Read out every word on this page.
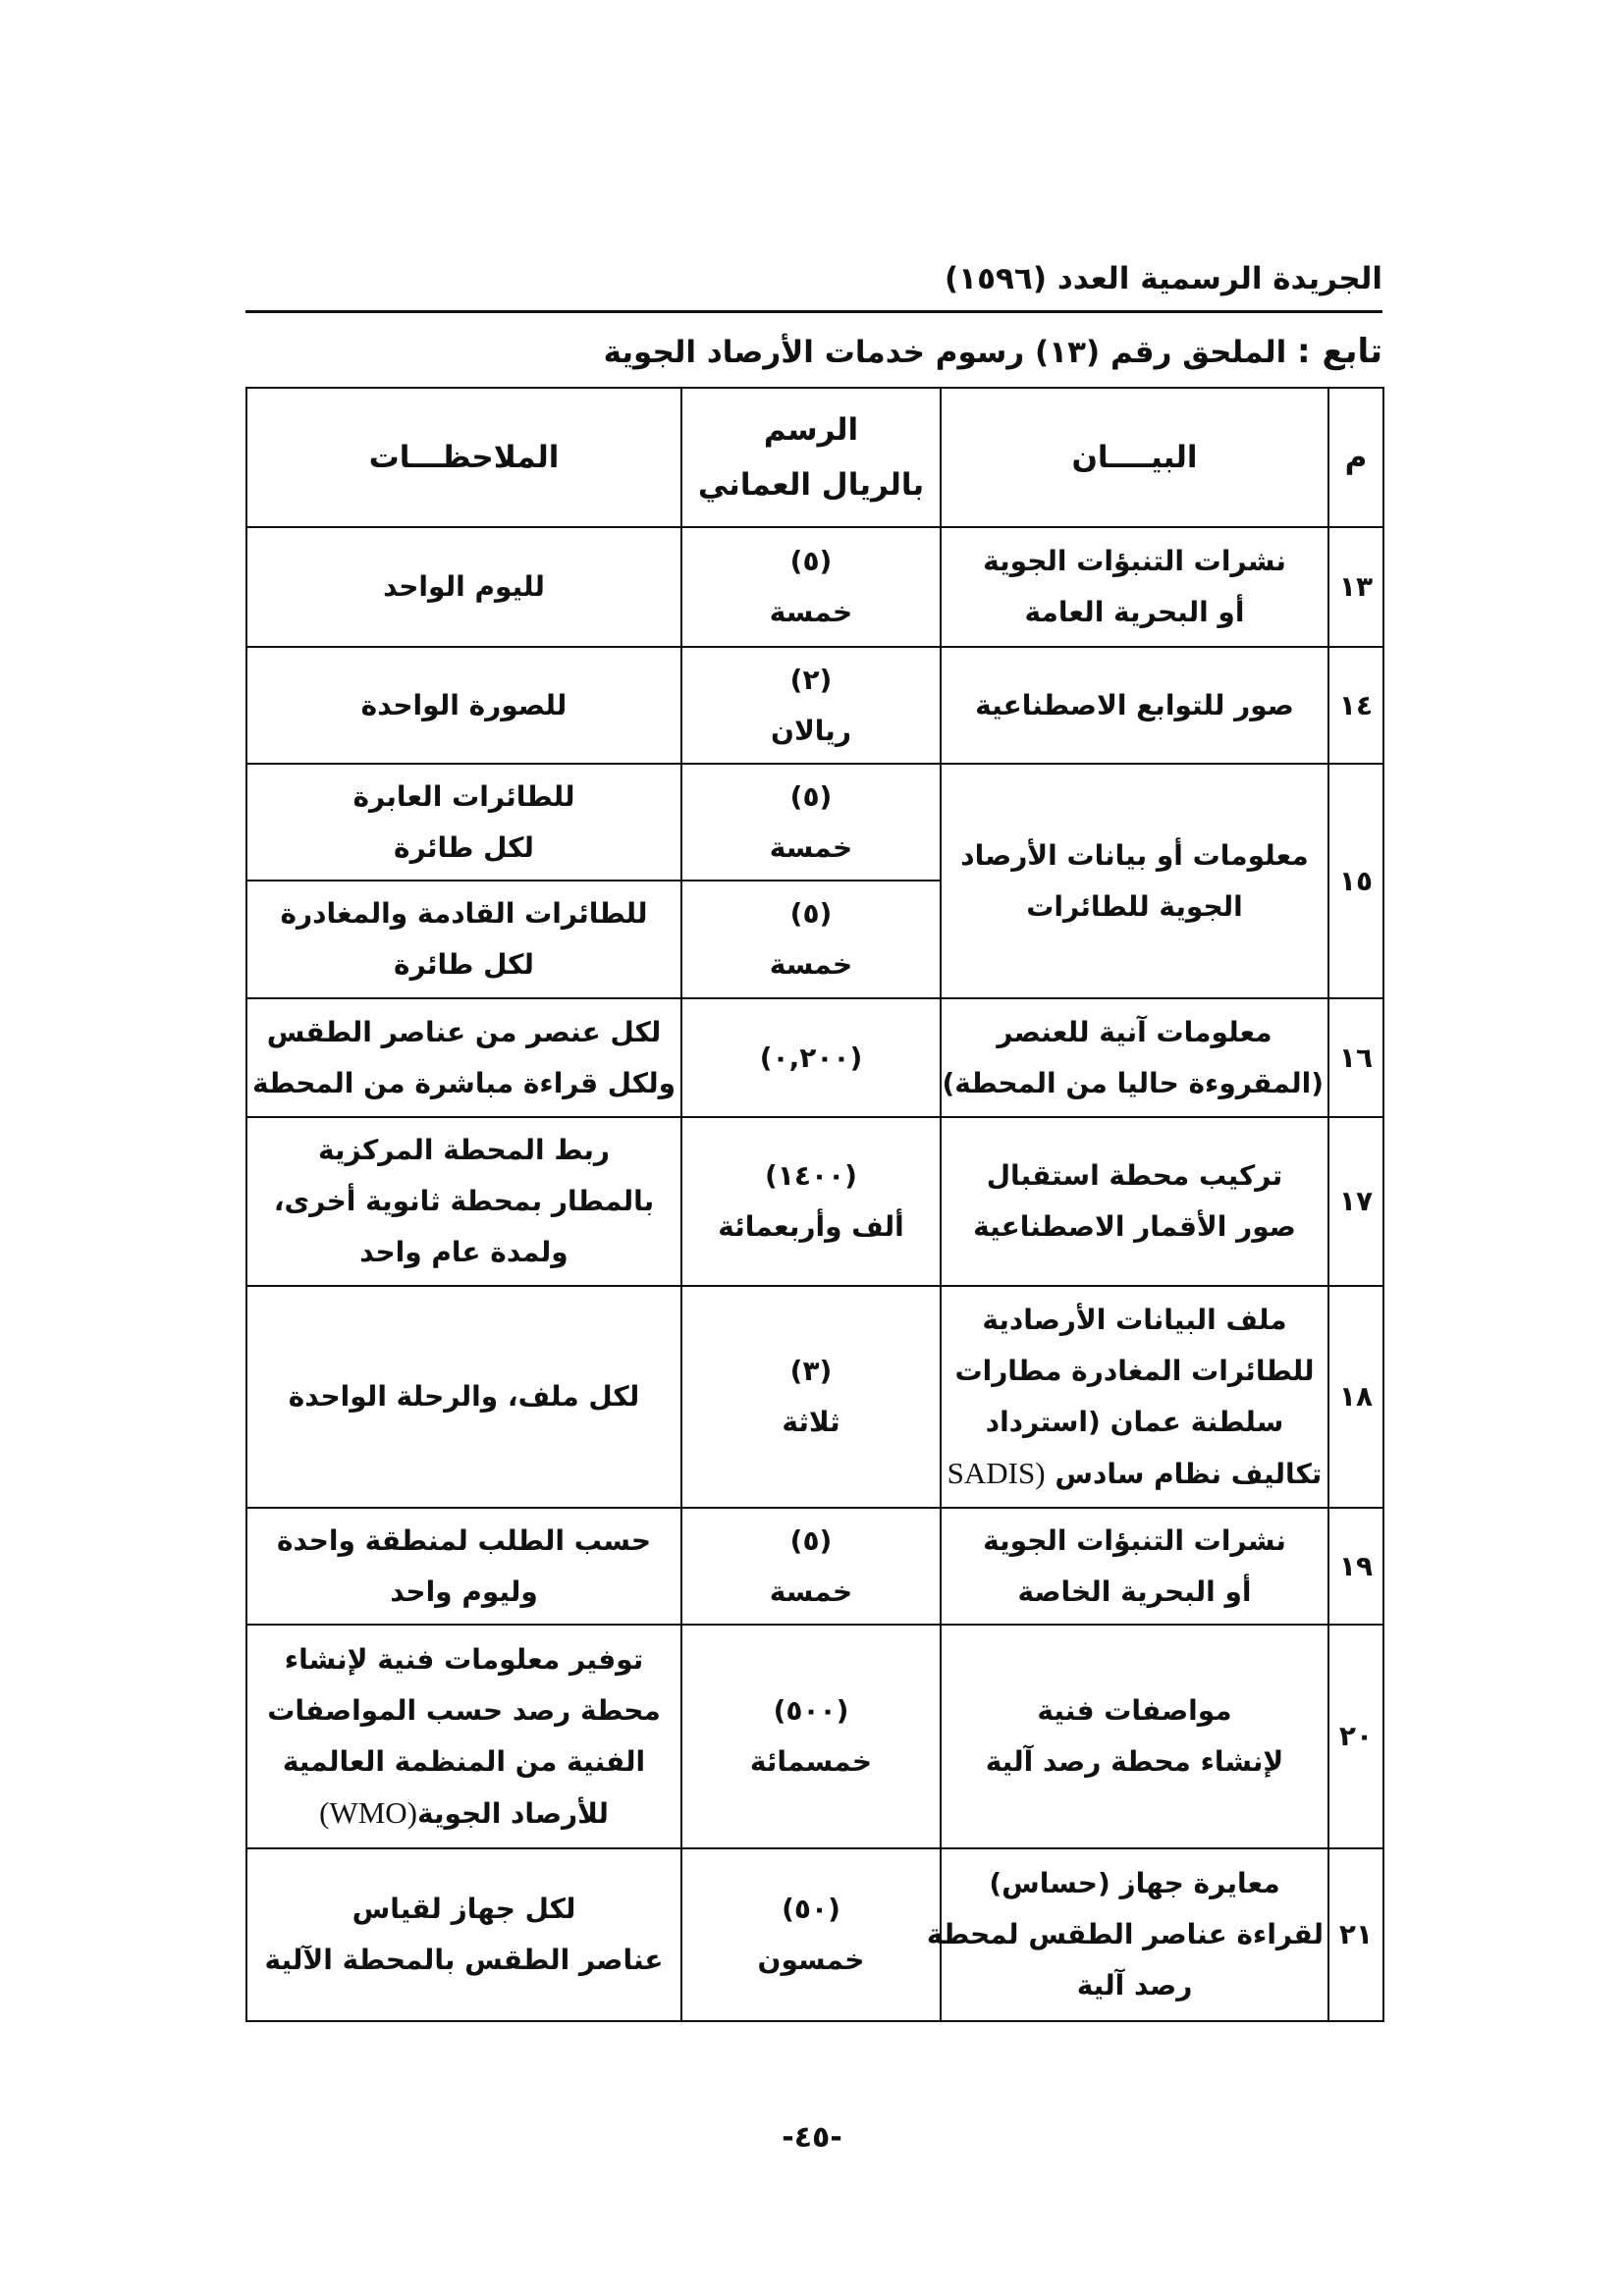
الجريدة الرسمية العدد (١٥٩٦)
تابع : الملحق رقم (١٣) رسوم خدمات الأرصاد الجوية
م	البيــــان	الرسم
بالريال العماني	الملاحظـــات
١٣	نشرات التنبؤات الجوية
أو البحرية العامة	(٥)
خمسة	لليوم الواحد

١٤	صور للتوابع الاصطناعية	(٢)
ريالان	للصورة الواحدة

١٥	معلومات أو بيانات الأرصاد
الجوية للطائرات	(٥)
خمسة	للطائرات العابرة
لكل طائرة

		(٥)
خمسة	للطائرات القادمة والمغادرة
لكل طائرة

١٦	معلومات آنية للعنصر
(المقروءة حاليا من المحطة)	(٠,٢٠٠)	لكل عنصر من عناصر الطقس
ولكل قراءة مباشرة من المحطة

١٧	تركيب محطة استقبال
صور الأقمار الاصطناعية	(١٤٠٠)
ألف وأربعمائة	ربط المحطة المركزية
بالمطار بمحطة ثانوية أخرى،
ولمدة عام واحد

١٨	ملف البيانات الأرصادية
للطائرات المغادرة مطارات
سلطنة عمان (استرداد
تكاليف نظام سادس SADIS)	(٣)
ثلاثة	لكل ملف، والرحلة الواحدة

١٩	نشرات التنبؤات الجوية
أو البحرية الخاصة	(٥)
خمسة	حسب الطلب لمنطقة واحدة
وليوم واحد

٢٠	مواصفات فنية
لإنشاء محطة رصد آلية	(٥٠٠)
خمسمائة	توفير معلومات فنية لإنشاء
محطة رصد حسب المواصفات
الفنية من المنظمة العالمية
للأرصاد الجوية(WMO)

٢١	معايرة جهاز (حساس)
لقراءة عناصر الطقس لمحطة
رصد آلية	(٥٠)
خمسون	لكل جهاز لقياس
عناصر الطقس بالمحطة الآلية
-٤٥-
